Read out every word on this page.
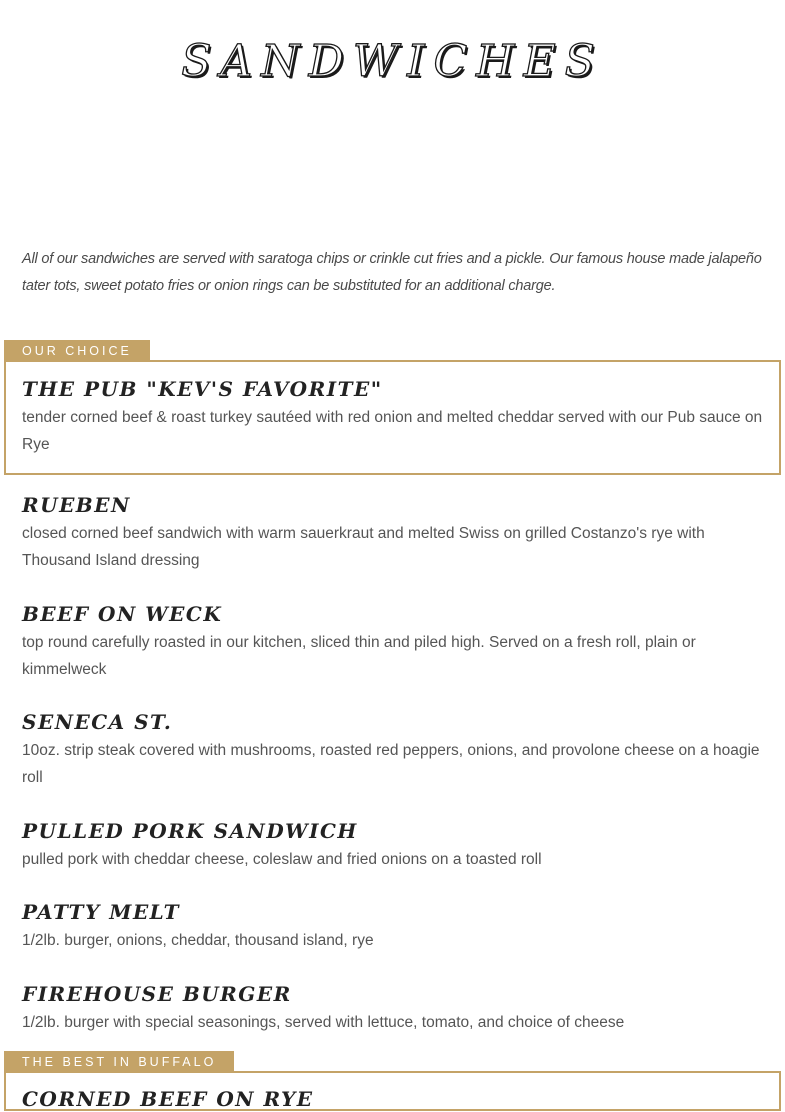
SANDWICHES

All of our sandwiches are served with saratoga chips or crinkle cut fries and a pickle. Our famous house made jalapeño tater tots, sweet potato fries or onion rings can be substituted for an additional charge.

OUR CHOICE
THE PUB "KEV'S FAVORITE"

tender corned beef & roast turkey sautéed with red onion and melted cheddar served with our Pub sauce on Rye

RUEBEN

closed corned beef sandwich with warm sauerkraut and melted Swiss on grilled Costanzo's rye with Thousand Island dressing

BEEF ON WECK

top round carefully roasted in our kitchen, sliced thin and piled high. Served on a fresh roll, plain or kimmelweck

SENECA ST.

10oz. strip steak covered with mushrooms, roasted red peppers, onions, and provolone cheese on a hoagie roll

PULLED PORK SANDWICH

pulled pork with cheddar cheese, coleslaw and fried onions on a toasted roll

PATTY MELT

1/2lb. burger, onions, cheddar, thousand island, rye

FIREHOUSE BURGER

1/2lb. burger with special seasonings, served with lettuce, tomato, and choice of cheese

THE BEST IN BUFFALO
CORNED BEEF ON RYE
